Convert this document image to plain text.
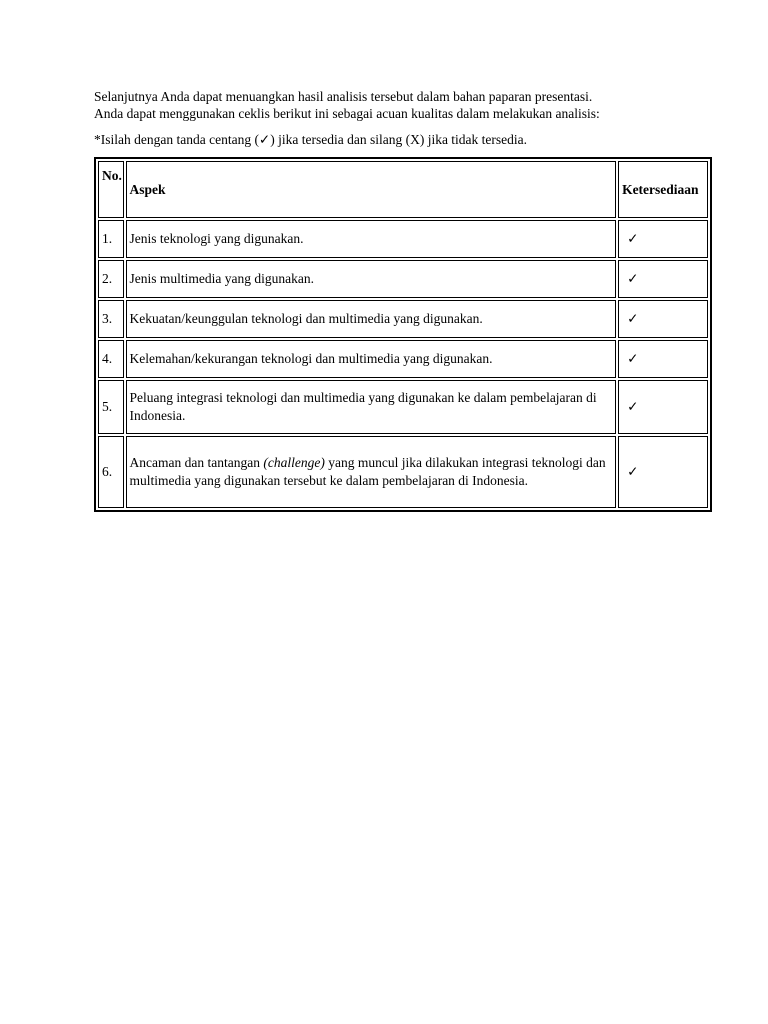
Selanjutnya Anda dapat menuangkan hasil analisis tersebut dalam bahan paparan presentasi.
Anda dapat menggunakan ceklis berikut ini sebagai acuan kualitas dalam melakukan analisis:

*Isilah dengan tanda centang (✓) jika tersedia dan silang (X) jika tidak tersedia.

No.	Aspek	Ketersediaan
1.	Jenis teknologi yang digunakan.	✓
2.	Jenis multimedia yang digunakan.	✓
3.	Kekuatan/keunggulan teknologi dan multimedia yang digunakan.	✓
4.	Kelemahan/kekurangan teknologi dan multimedia yang digunakan.	✓
5.	Peluang integrasi teknologi dan multimedia yang digunakan ke dalam pembelajaran di Indonesia.	✓
6.	Ancaman dan tantangan (challenge) yang muncul jika dilakukan integrasi teknologi dan multimedia yang digunakan tersebut ke dalam pembelajaran di Indonesia.	✓
